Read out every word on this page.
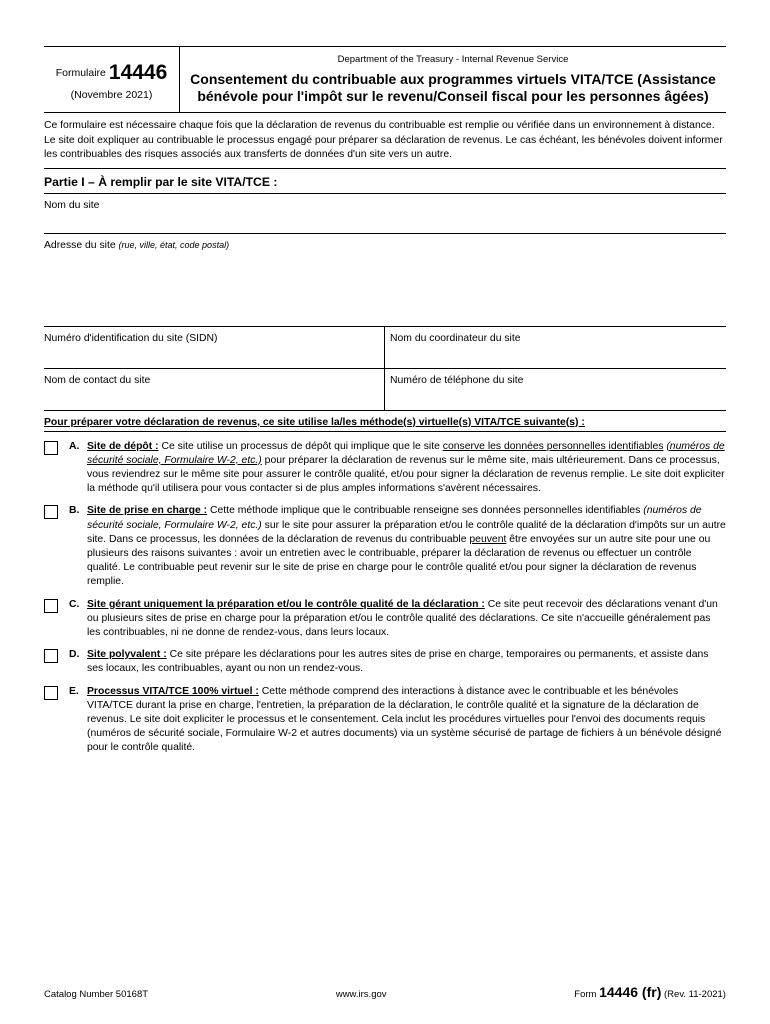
Formulaire 14446
(Novembre 2021)
Department of the Treasury - Internal Revenue Service
Consentement du contribuable aux programmes virtuels VITA/TCE (Assistance
bénévole pour l'impôt sur le revenu/Conseil fiscal pour les personnes âgées)
Ce formulaire est nécessaire chaque fois que la déclaration de revenus du contribuable est remplie ou vérifiée dans un environnement à distance. Le site doit expliquer au contribuable le processus engagé pour préparer sa déclaration de revenus. Le cas échéant, les bénévoles doivent informer les contribuables des risques associés aux transferts de données d'un site vers un autre.
Partie I – À remplir par le site VITA/TCE :
Nom du site
Adresse du site (rue, ville, état, code postal)
Numéro d'identification du site (SIDN)	Nom du coordinateur du site
Nom de contact du site	Numéro de téléphone du site
Pour préparer votre déclaration de revenus, ce site utilise la/les méthode(s) virtuelle(s) VITA/TCE suivante(s) :
A. Site de dépôt : Ce site utilise un processus de dépôt qui implique que le site conserve les données personnelles identifiables (numéros de sécurité sociale, Formulaire W-2, etc.) pour préparer la déclaration de revenus sur le même site, mais ultérieurement. Dans ce processus, vous reviendrez sur le même site pour assurer le contrôle qualité, et/ou pour signer la déclaration de revenus remplie. Le site doit expliciter la méthode qu'il utilisera pour vous contacter si de plus amples informations s'avèrent nécessaires.
B. Site de prise en charge : Cette méthode implique que le contribuable renseigne ses données personnelles identifiables (numéros de sécurité sociale, Formulaire W-2, etc.) sur le site pour assurer la préparation et/ou le contrôle qualité de la déclaration d'impôts sur un autre site. Dans ce processus, les données de la déclaration de revenus du contribuable peuvent être envoyées sur un autre site pour une ou plusieurs des raisons suivantes : avoir un entretien avec le contribuable, préparer la déclaration de revenus ou effectuer un contrôle qualité. Le contribuable peut revenir sur le site de prise en charge pour le contrôle qualité et/ou pour signer la déclaration de revenus remplie.
C. Site gérant uniquement la préparation et/ou le contrôle qualité de la déclaration : Ce site peut recevoir des déclarations venant d'un ou plusieurs sites de prise en charge pour la préparation et/ou le contrôle qualité des déclarations. Ce site n'accueille généralement pas les contribuables, ni ne donne de rendez-vous, dans leurs locaux.
D. Site polyvalent : Ce site prépare les déclarations pour les autres sites de prise en charge, temporaires ou permanents, et assiste dans ses locaux, les contribuables, ayant ou non un rendez-vous.
E. Processus VITA/TCE 100% virtuel : Cette méthode comprend des interactions à distance avec le contribuable et les bénévoles VITA/TCE durant la prise en charge, l'entretien, la préparation de la déclaration, le contrôle qualité et la signature de la déclaration de revenus. Le site doit expliciter le processus et le consentement. Cela inclut les procédures virtuelles pour l'envoi des documents requis (numéros de sécurité sociale, Formulaire W-2 et autres documents) via un système sécurisé de partage de fichiers à un bénévole désigné pour le contrôle qualité.
Catalog Number 50168T	www.irs.gov	Form 14446 (fr) (Rev. 11-2021)
